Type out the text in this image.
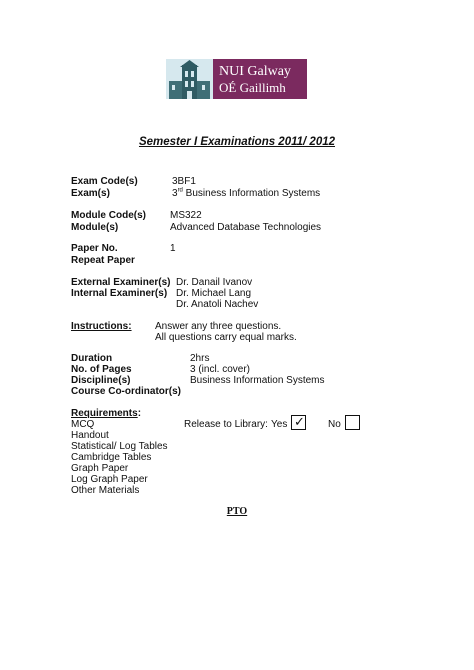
NUI Galway
OÉ Gaillimh
Semester I Examinations 2011/ 2012
Exam Code(s)	3BF1
Exam(s)	3rd Business Information Systems
Module Code(s) MS322
Module(s)	Advanced Database Technologies
Paper No.	1
Repeat Paper
External Examiner(s) Dr. Danail Ivanov
Internal Examiner(s) Dr. Michael Lang
Dr. Anatoli Nachev
Instructions: Answer any three questions.
All questions carry equal marks.
Duration	2hrs
No. of Pages	3 (incl. cover)
Discipline(s)	Business Information Systems
Course Co-ordinator(s)
Requirements:
MCQ
Handout
Statistical/ Log Tables
Cambridge Tables
Graph Paper
Log Graph Paper
Other Materials
Release to Library: Yes ✓ No
PTO
